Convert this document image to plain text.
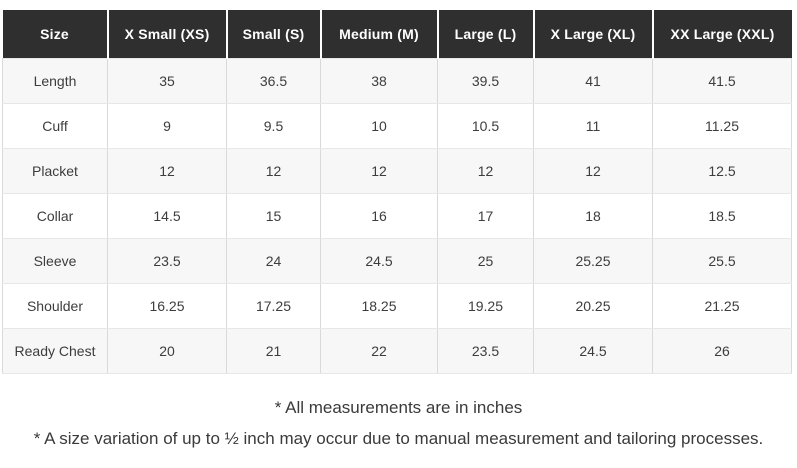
Size	X Small (XS)	Small (S)	Medium (M)	Large (L)	X Large (XL)	XX Large (XXL)
Length	35	36.5	38	39.5	41	41.5
Cuff	9	9.5	10	10.5	11	11.25
Placket	12	12	12	12	12	12.5
Collar	14.5	15	16	17	18	18.5
Sleeve	23.5	24	24.5	25	25.25	25.5
Shoulder	16.25	17.25	18.25	19.25	20.25	21.25
Ready Chest	20	21	22	23.5	24.5	26

* All measurements are in inches

* A size variation of up to ½ inch may occur due to manual measurement and tailoring processes.
